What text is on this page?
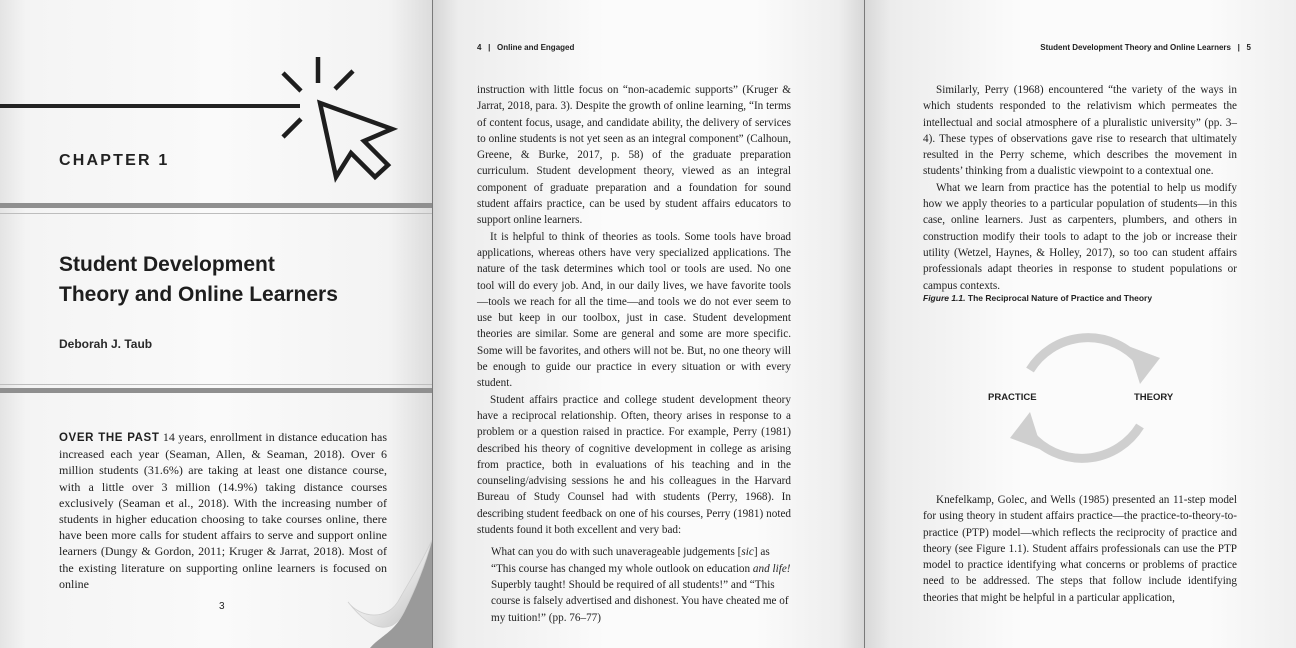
CHAPTER 1
Student Development
Theory and Online Learners
Deborah J. Taub
OVER THE PAST 14 years, enrollment in distance education has increased each year (Seaman, Allen, & Seaman, 2018). Over 6 million students (31.6%) are taking at least one distance course, with a little over 3 million (14.9%) taking distance courses exclusively (Seaman et al., 2018). With the increasing number of students in higher education choosing to take courses online, there have been more calls for student affairs to serve and support online learners (Dungy & Gordon, 2011; Kruger & Jarrat, 2018). Most of the existing literature on supporting online learners is focused on online
3
4   |   Online and Engaged

instruction with little focus on “non-academic supports” (Kruger & Jarrat, 2018, para. 3). Despite the growth of online learning, “In terms of content focus, usage, and candidate ability, the delivery of services to online students is not yet seen as an integral component” (Calhoun, Greene, & Burke, 2017, p. 58) of the graduate preparation curriculum. Student development theory, viewed as an integral component of graduate preparation and a foundation for sound student affairs practice, can be used by student affairs educators to support online learners.

It is helpful to think of theories as tools. Some tools have broad applications, whereas others have very specialized applications. The nature of the task determines which tool or tools are used. No one tool will do every job. And, in our daily lives, we have favorite tools—tools we reach for all the time—and tools we do not ever seem to use but keep in our toolbox, just in case. Student development theories are similar. Some are general and some are more specific. Some will be favorites, and others will not be. But, no one theory will be enough to guide our practice in every situation or with every student.

Student affairs practice and college student development theory have a reciprocal relationship. Often, theory arises in response to a problem or a question raised in practice. For example, Perry (1981) described his theory of cognitive development in college as arising from practice, both in evaluations of his teaching and in the counseling/advising sessions he and his colleagues in the Harvard Bureau of Study Counsel had with students (Perry, 1968). In describing student feedback on one of his courses, Perry (1981) noted students found it both excellent and very bad:

What can you do with such unaverageable judgements [sic] as “This course has changed my whole outlook on education and life! Superbly taught! Should be required of all students!” and “This course is falsely advertised and dishonest. You have cheated me of my tuition!” (pp. 76–77)

Student Development Theory and Online Learners   |   5

Similarly, Perry (1968) encountered “the variety of the ways in which students responded to the relativism which permeates the intellectual and social atmosphere of a pluralistic university” (pp. 3–4). These types of observations gave rise to research that ultimately resulted in the Perry scheme, which describes the movement in students’ thinking from a dualistic viewpoint to a contextual one.

What we learn from practice has the potential to help us modify how we apply theories to a particular population of students—in this case, online learners. Just as carpenters, plumbers, and others in construction modify their tools to adapt to the job or increase their utility (Wetzel, Haynes, & Holley, 2017), so too can student affairs professionals adapt theories in response to student populations or campus contexts.

Figure 1.1. The Reciprocal Nature of Practice and Theory
PRACTICE	THEORY

Knefelkamp, Golec, and Wells (1985) presented an 11-step model for using theory in student affairs practice—the practice-to-theory-to-practice (PTP) model—which reflects the reciprocity of practice and theory (see Figure 1.1). Student affairs professionals can use the PTP model to practice identifying what concerns or problems of practice need to be addressed. The steps that follow include identifying theories that might be helpful in a particular application,
